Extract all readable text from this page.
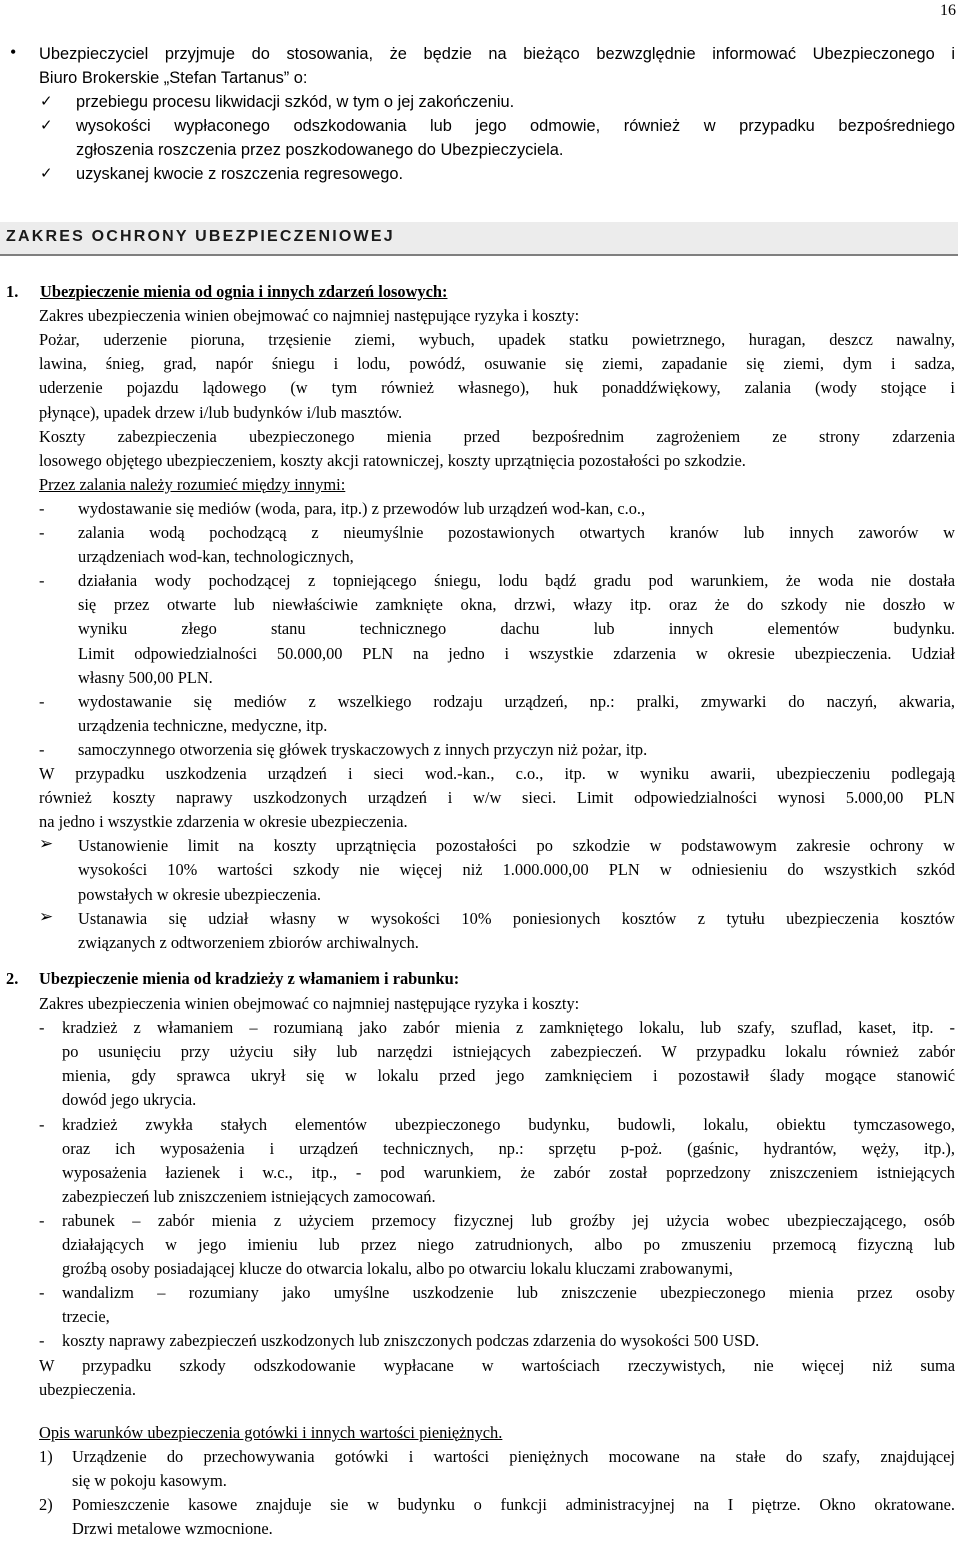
16
ZAKRES OCHRONY UBEZPIECZENIOWEJ
• Ubezpieczyciel przyjmuje do stosowania, że będzie na bieżąco bezwzględnie informować Ubezpieczonego i
Biuro Brokerskie „Stefan Tartanus” o:
✓ przebiegu procesu likwidacji szkód, w tym o jej zakończeniu.
✓ wysokości wypłaconego odszkodowania lub jego odmowie, również w przypadku bezpośredniego
zgłoszenia roszczenia przez poszkodowanego do Ubezpieczyciela.
✓ uzyskanej kwocie z roszczenia regresowego.
1. Ubezpieczenie mienia od ognia i innych zdarzeń losowych:
Zakres ubezpieczenia winien obejmować co najmniej następujące ryzyka i koszty:
Pożar, uderzenie pioruna, trzęsienie ziemi, wybuch, upadek statku powietrznego, huragan, deszcz nawalny,
lawina, śnieg, grad, napór śniegu i lodu, powódź, osuwanie się ziemi, zapadanie się ziemi, dym i sadza,
uderzenie pojazdu lądowego (w tym również własnego), huk ponaddźwiękowy, zalania (wody stojące i
płynące), upadek drzew i/lub budynków i/lub masztów.
Koszty zabezpieczenia ubezpieczonego mienia przed bezpośrednim zagrożeniem ze strony zdarzenia
losowego objętego ubezpieczeniem, koszty akcji ratowniczej, koszty uprzątnięcia pozostałości po szkodzie.
Przez zalania należy rozumieć między innymi:
- wydostawanie się mediów (woda, para, itp.) z przewodów lub urządzeń wod-kan, c.o.,
- zalania wodą pochodzącą z nieumyślnie pozostawionych otwartych kranów lub innych zaworów w
urządzeniach wod-kan, technologicznych,
- działania wody pochodzącej z topniejącego śniegu, lodu bądź gradu pod warunkiem, że woda nie dostała
się przez otwarte lub niewłaściwie zamknięte okna, drzwi, włazy itp. oraz że do szkody nie doszło w
wyniku złego stanu technicznego dachu lub innych elementów budynku.
Limit odpowiedzialności 50.000,00 PLN na jedno i wszystkie zdarzenia w okresie ubezpieczenia. Udział
własny 500,00 PLN.
- wydostawanie się mediów z wszelkiego rodzaju urządzeń, np.: pralki, zmywarki do naczyń, akwaria,
urządzenia techniczne, medyczne, itp.
- samoczynnego otworzenia się główek tryskaczowych z innych przyczyn niż pożar, itp.
W przypadku uszkodzenia urządzeń i sieci wod.-kan., c.o., itp. w wyniku awarii, ubezpieczeniu podlegają
również koszty naprawy uszkodzonych urządzeń i w/w sieci. Limit odpowiedzialności wynosi 5.000,00 PLN
na jedno i wszystkie zdarzenia w okresie ubezpieczenia.
➢ Ustanowienie limit na koszty uprzątnięcia pozostałości po szkodzie w podstawowym zakresie ochrony w
wysokości 10% wartości szkody nie więcej niż 1.000.000,00 PLN w odniesieniu do wszystkich szkód
powstałych w okresie ubezpieczenia.
➢ Ustanawia się udział własny w wysokości 10% poniesionych kosztów z tytułu ubezpieczenia kosztów
związanych z odtworzeniem zbiorów archiwalnych.
2. Ubezpieczenie mienia od kradzieży z włamaniem i rabunku:
Zakres ubezpieczenia winien obejmować co najmniej następujące ryzyka i koszty:
- kradzież z włamaniem – rozumianą jako zabór mienia z zamkniętego lokalu, lub szafy, szuflad, kaset, itp. -
po usunięciu przy użyciu siły lub narzędzi istniejących zabezpieczeń. W przypadku lokalu również zabór
mienia, gdy sprawca ukrył się w lokalu przed jego zamknięciem i pozostawił ślady mogące stanowić
dowód jego ukrycia.
- kradzież zwykła stałych elementów ubezpieczonego budynku, budowli, lokalu, obiektu tymczasowego,
oraz ich wyposażenia i urządzeń technicznych, np.: sprzętu p-poż. (gaśnic, hydrantów, węży, itp.),
wyposażenia łazienek i w.c., itp., - pod warunkiem, że zabór został poprzedzony zniszczeniem istniejących
zabezpieczeń lub zniszczeniem istniejących zamocowań.
- rabunek – zabór mienia z użyciem przemocy fizycznej lub groźby jej użycia wobec ubezpieczającego, osób
działających w jego imieniu lub przez niego zatrudnionych, albo po zmuszeniu przemocą fizyczną lub
groźbą osoby posiadającej klucze do otwarcia lokalu, albo po otwarciu lokalu kluczami zrabowanymi,
- wandalizm – rozumiany jako umyślne uszkodzenie lub zniszczenie ubezpieczonego mienia przez osoby
trzecie,
- koszty naprawy zabezpieczeń uszkodzonych lub zniszczonych podczas zdarzenia do wysokości 500 USD.
W przypadku szkody odszkodowanie wypłacane w wartościach rzeczywistych, nie więcej niż suma
ubezpieczenia.
Opis warunków ubezpieczenia gotówki i innych wartości pieniężnych.
1) Urządzenie do przechowywania gotówki i wartości pieniężnych mocowane na stałe do szafy, znajdującej
się w pokoju kasowym.
2) Pomieszczenie kasowe znajduje sie w budynku o funkcji administracyjnej na I piętrze. Okno okratowane.
Drzwi metalowe wzmocnione.
